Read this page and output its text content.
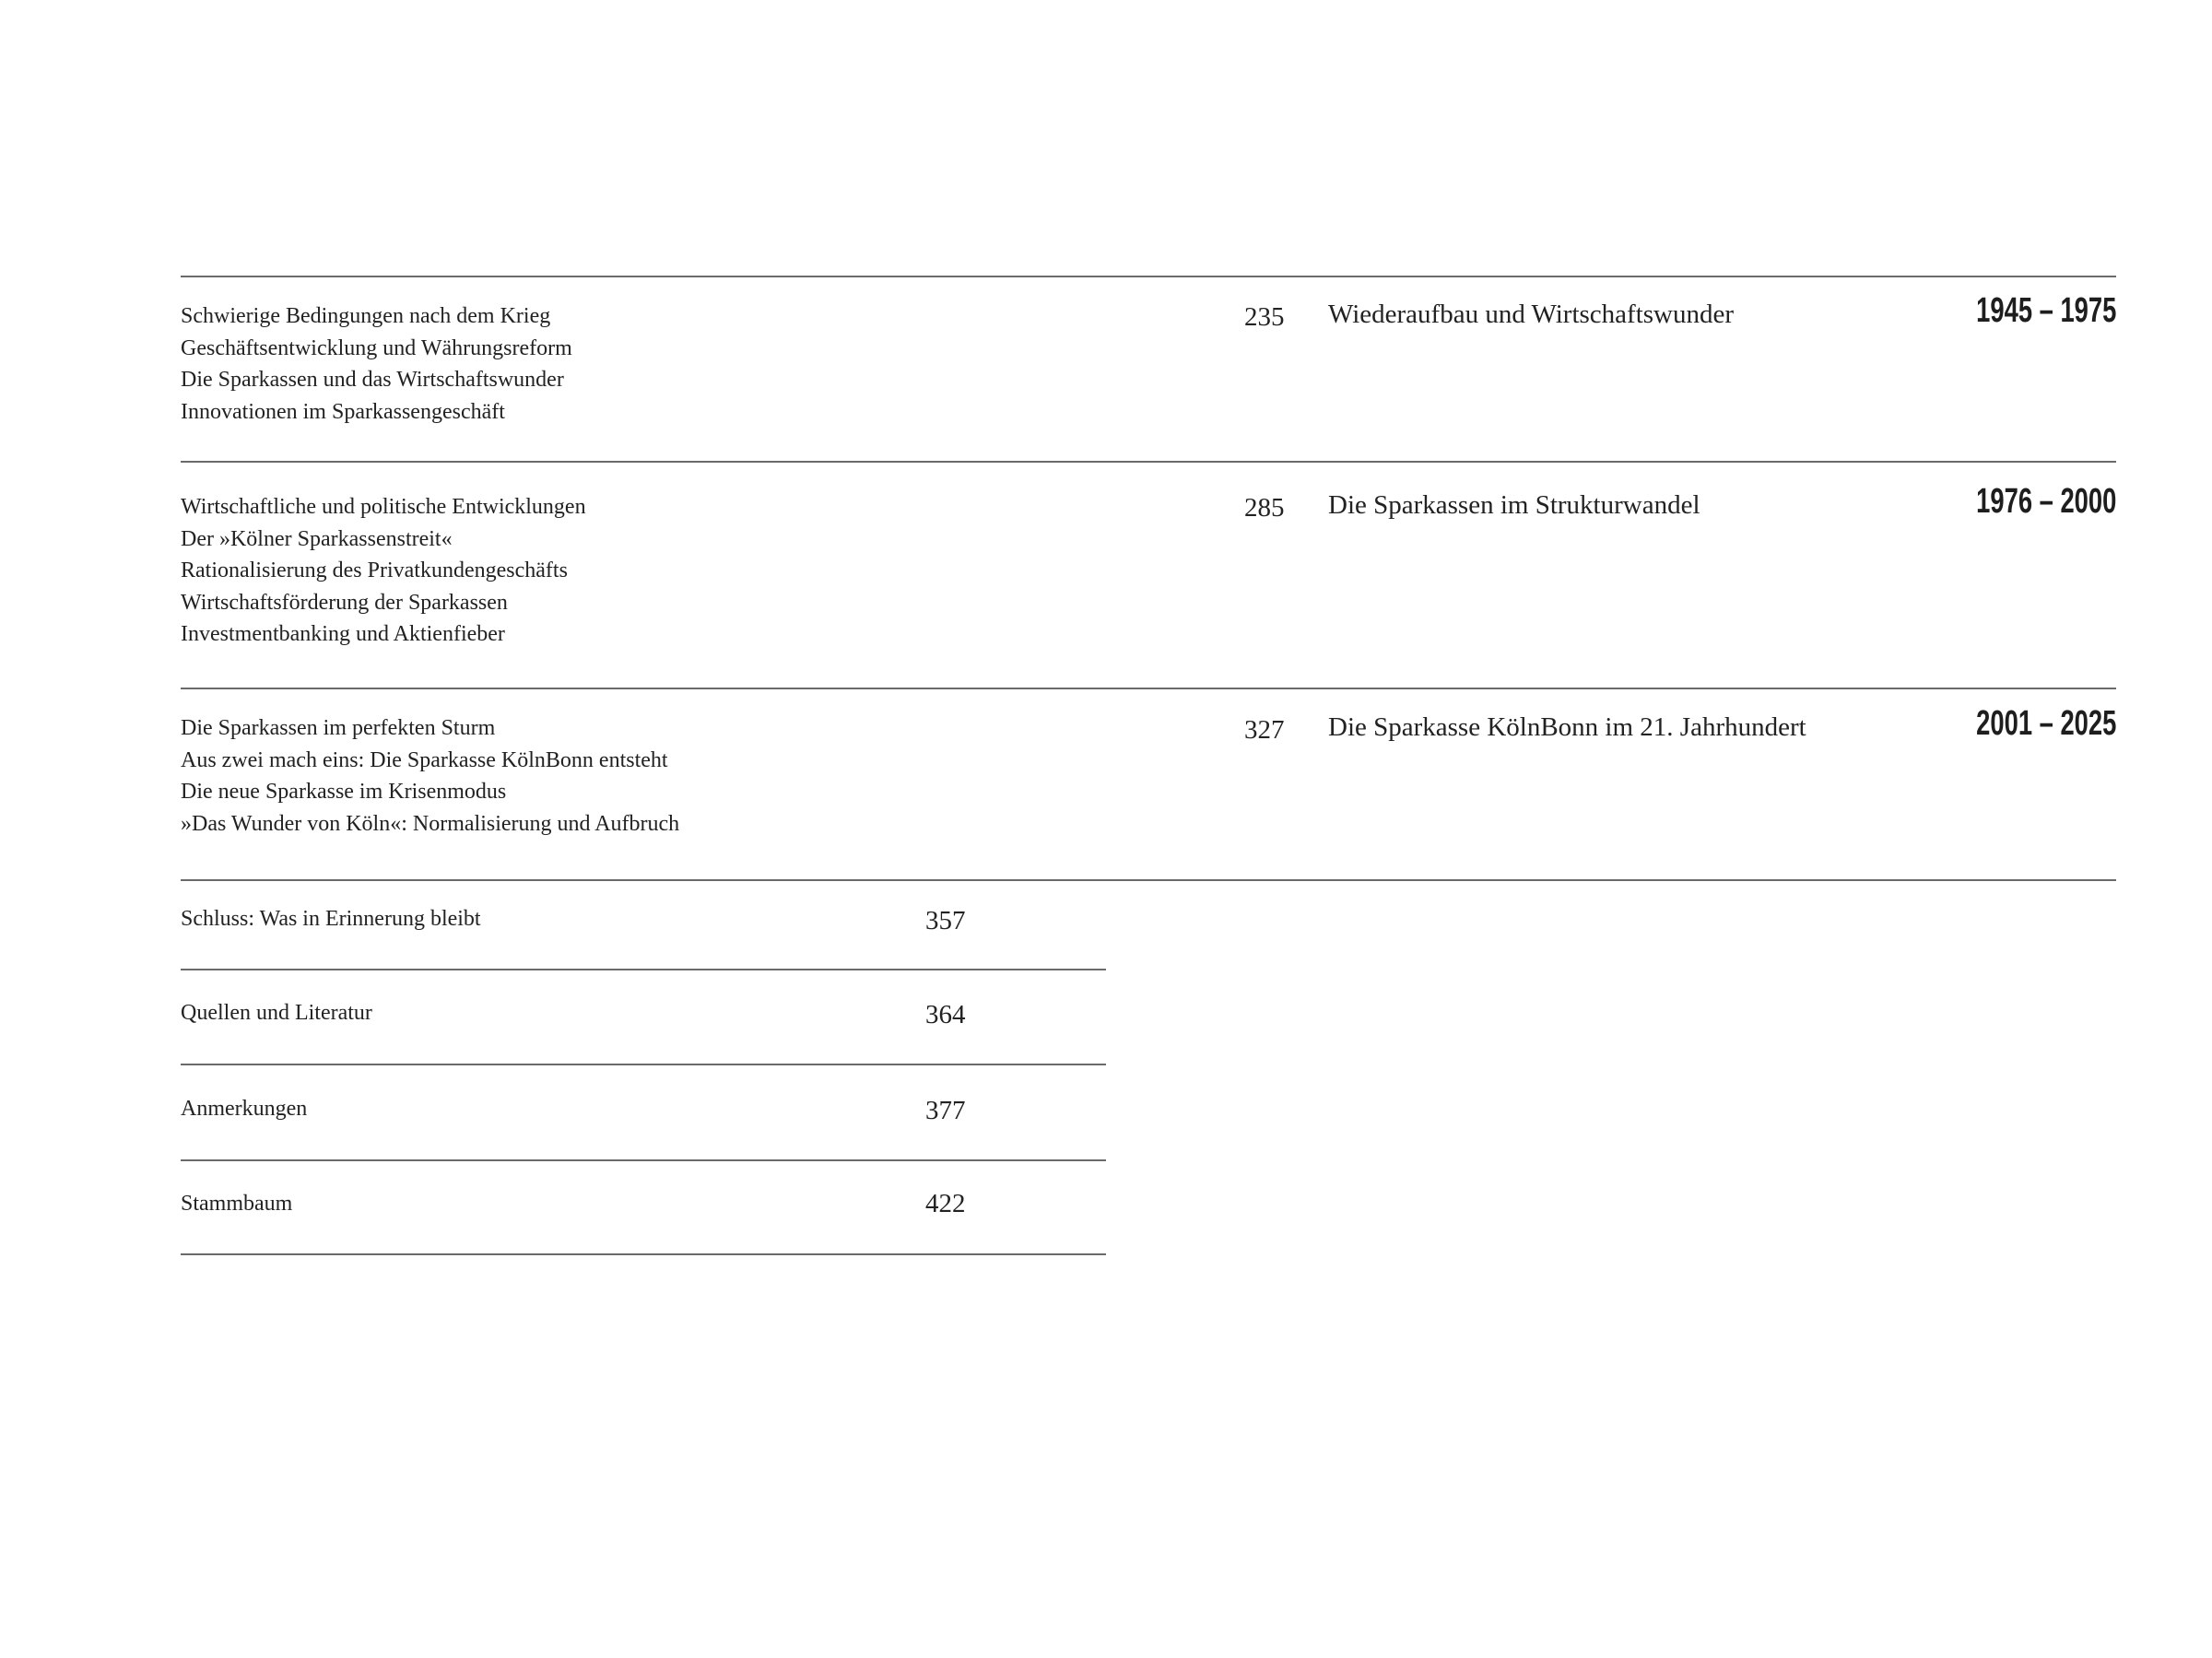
Schwierige Bedingungen nach dem Krieg
Geschäftsentwicklung und Währungsreform
Die Sparkassen und das Wirtschaftswunder
Innovationen im Sparkassengeschäft
235 Wiederaufbau und Wirtschaftswunder	1945 – 1975
Wirtschaftliche und politische Entwicklungen
Der »Kölner Sparkassenstreit«
Rationalisierung des Privatkundengeschäfts
Wirtschaftsförderung der Sparkassen
Investmentbanking und Aktienfieber
285 Die Sparkassen im Strukturwandel	1976 – 2000
Die Sparkassen im perfekten Sturm
Aus zwei mach eins: Die Sparkasse KölnBonn entsteht
Die neue Sparkasse im Krisenmodus
»Das Wunder von Köln«: Normalisierung und Aufbruch
327 Die Sparkasse KölnBonn im 21. Jahrhundert	2001 – 2025
Schluss: Was in Erinnerung bleibt	357
Quellen und Literatur	364
Anmerkungen	377
Stammbaum	422
